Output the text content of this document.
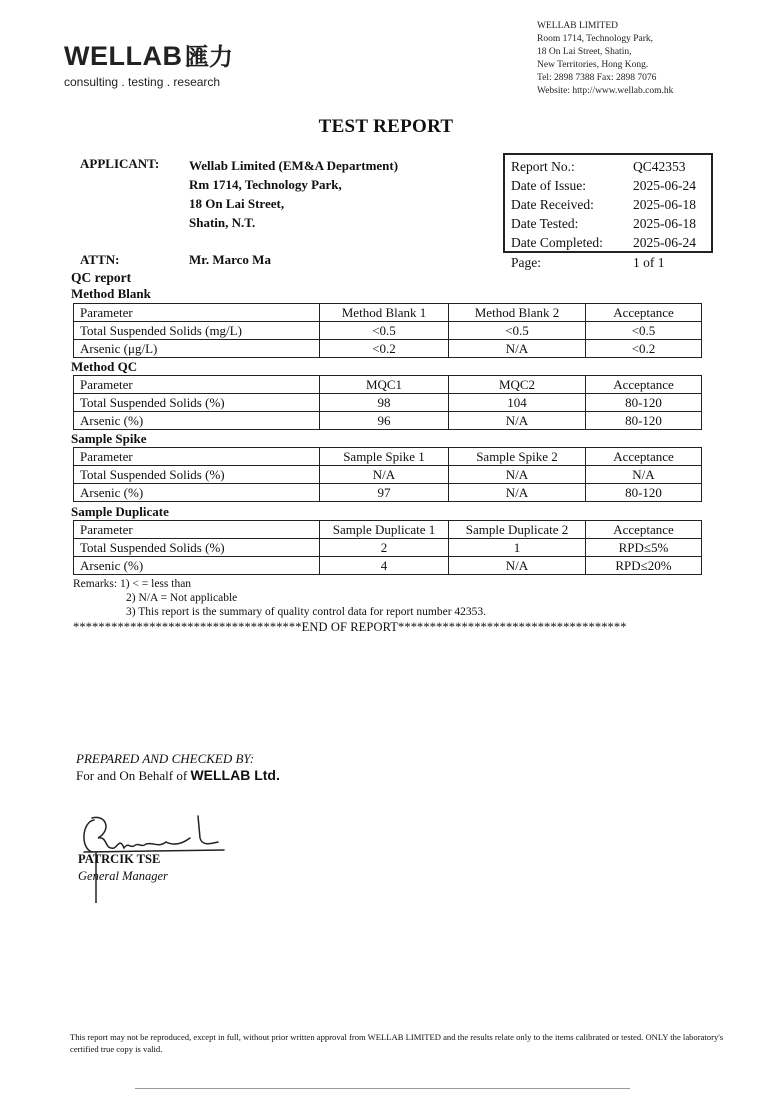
WELLAB 匯力
consulting . testing . research
WELLAB LIMITED
Room 1714, Technology Park,
18 On Lai Street, Shatin,
New Territories, Hong Kong.
Tel: 2898 7388 Fax: 2898 7076
Website: http://www.wellab.com.hk
TEST REPORT
APPLICANT: Wellab Limited (EM&A Department)
Rm 1714, Technology Park,
18 On Lai Street,
Shatin, N.T.
ATTN:	Mr. Marco Ma
Report No.:	QC42353
Date of Issue:	2025-06-24
Date Received:	2025-06-18
Date Tested:	2025-06-18
Date Completed:	2025-06-24
Page:	1 of 1
QC report
Method Blank
Parameter	Method Blank 1	Method Blank 2	Acceptance
Total Suspended Solids (mg/L)	<0.5	<0.5	<0.5
Arsenic (μg/L)	<0.2	N/A	<0.2
Method QC
Parameter	MQC1	MQC2	Acceptance
Total Suspended Solids (%)	98	104	80-120
Arsenic (%)	96	N/A	80-120
Sample Spike
Parameter	Sample Spike 1	Sample Spike 2	Acceptance
Total Suspended Solids (%)	N/A	N/A	N/A
Arsenic (%)	97	N/A	80-120
Sample Duplicate
Parameter	Sample Duplicate 1	Sample Duplicate 2	Acceptance
Total Suspended Solids (%)	2	1	RPD≤5%
Arsenic (%)	4	N/A	RPD≤20%
Remarks: 1) < = less than
2) N/A = Not applicable
3) This report is the summary of quality control data for report number 42353.
************************************END OF REPORT************************************
PREPARED AND CHECKED BY:
For and On Behalf of WELLAB Ltd.
PATRCIK TSE
General Manager
This report may not be reproduced, except in full, without prior written approval from WELLAB LIMITED and the results relate only to the items calibrated or tested. ONLY the laboratory's certified true copy is valid.
